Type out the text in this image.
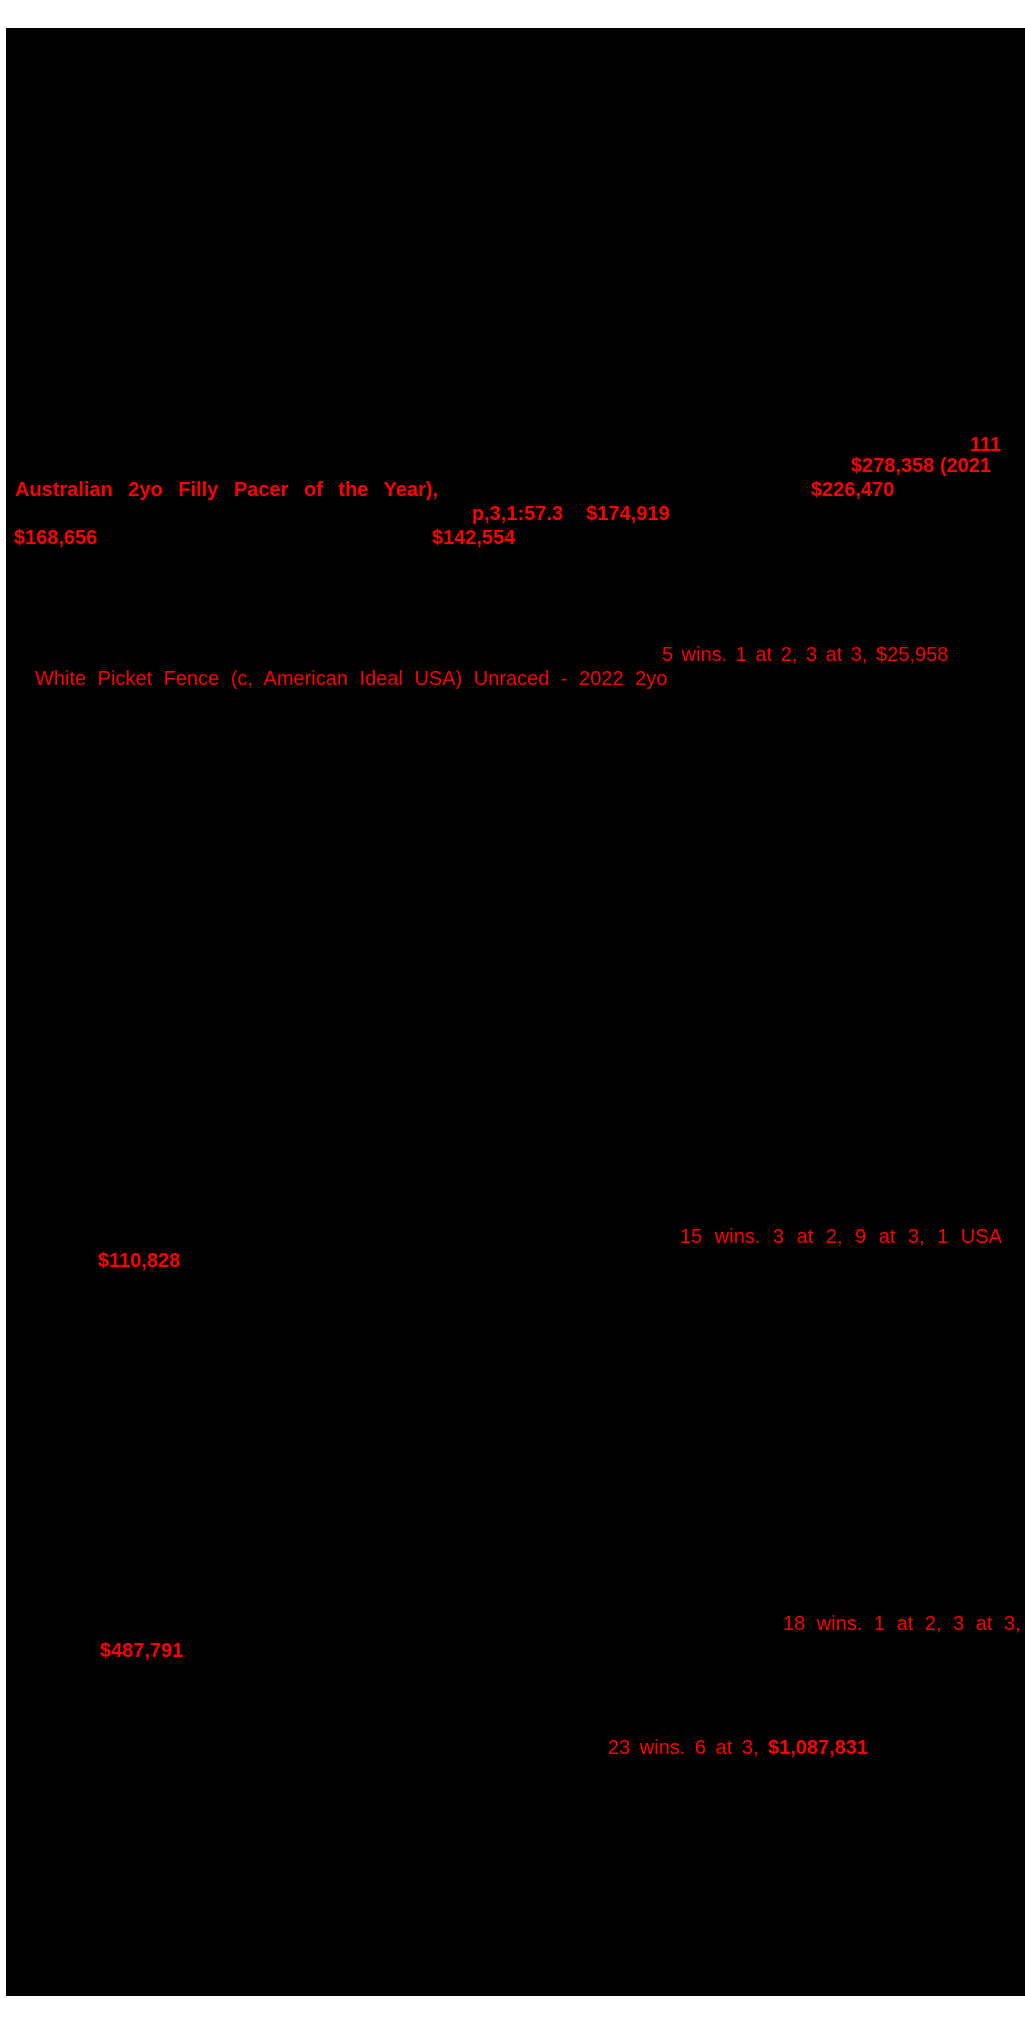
111
$278,358 (2021
Australian 2yo Filly Pacer of the Year),	$226,470
p,3,1:57.3  $174,919
$168,656	$142,554
5 wins. 1 at 2, 3 at 3, $25,958
White Picket Fence (c, American Ideal USA) Unraced - 2022 2yo
15 wins. 3 at 2, 9 at 3, 1 USA
$110,828
18 wins. 1 at 2, 3 at 3,
$487,791
23 wins. 6 at 3, $1,087,831
